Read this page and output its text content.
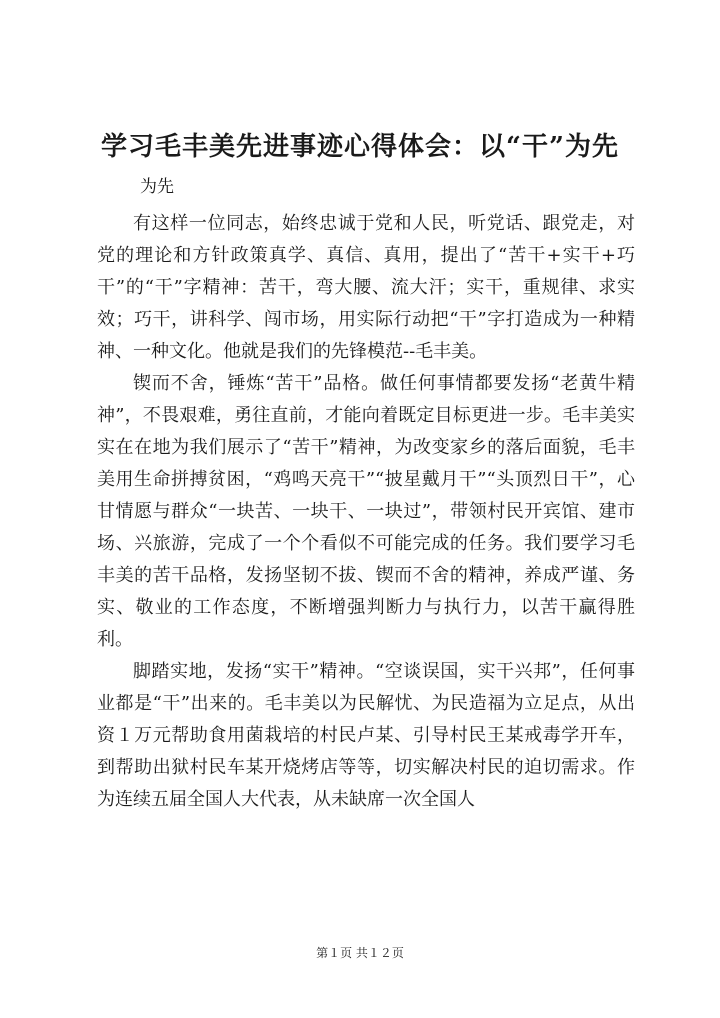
学习毛丰美先进事迹心得体会：以“干”为先

为先

有这样一位同志，始终忠诚于党和人民，听党话、跟党走，对党的理论和方针政策真学、真信、真用，提出了“苦干+实干+巧干”的“干”字精神：苦干，弯大腰、流大汗；实干，重规律、求实效；巧干，讲科学、闯市场，用实际行动把“干”字打造成为一种精神、一种文化。他就是我们的先锋模范--毛丰美。

锲而不舍，锤炼“苦干”品格。做任何事情都要发扬“老黄牛精神”，不畏艰难，勇往直前，才能向着既定目标更进一步。毛丰美实实在在地为我们展示了“苦干”精神，为改变家乡的落后面貌，毛丰美用生命拼搏贫困，“鸡鸣天亮干”“披星戴月干”“头顶烈日干”，心甘情愿与群众“一块苦、一块干、一块过”，带领村民开宾馆、建市场、兴旅游，完成了一个个看似不可能完成的任务。我们要学习毛丰美的苦干品格，发扬坚韧不拔、锲而不舍的精神，养成严谨、务实、敬业的工作态度，不断增强判断力与执行力，以苦干赢得胜利。

脚踏实地，发扬“实干”精神。“空谈误国，实干兴邦”，任何事业都是“干”出来的。毛丰美以为民解忧、为民造福为立足点，从出资１万元帮助食用菌栽培的村民卢某、引导村民王某戒毒学开车，到帮助出狱村民车某开烧烤店等等，切实解决村民的迫切需求。作为连续五届全国人大代表，从未缺席一次全国人

第１页 共１２页
